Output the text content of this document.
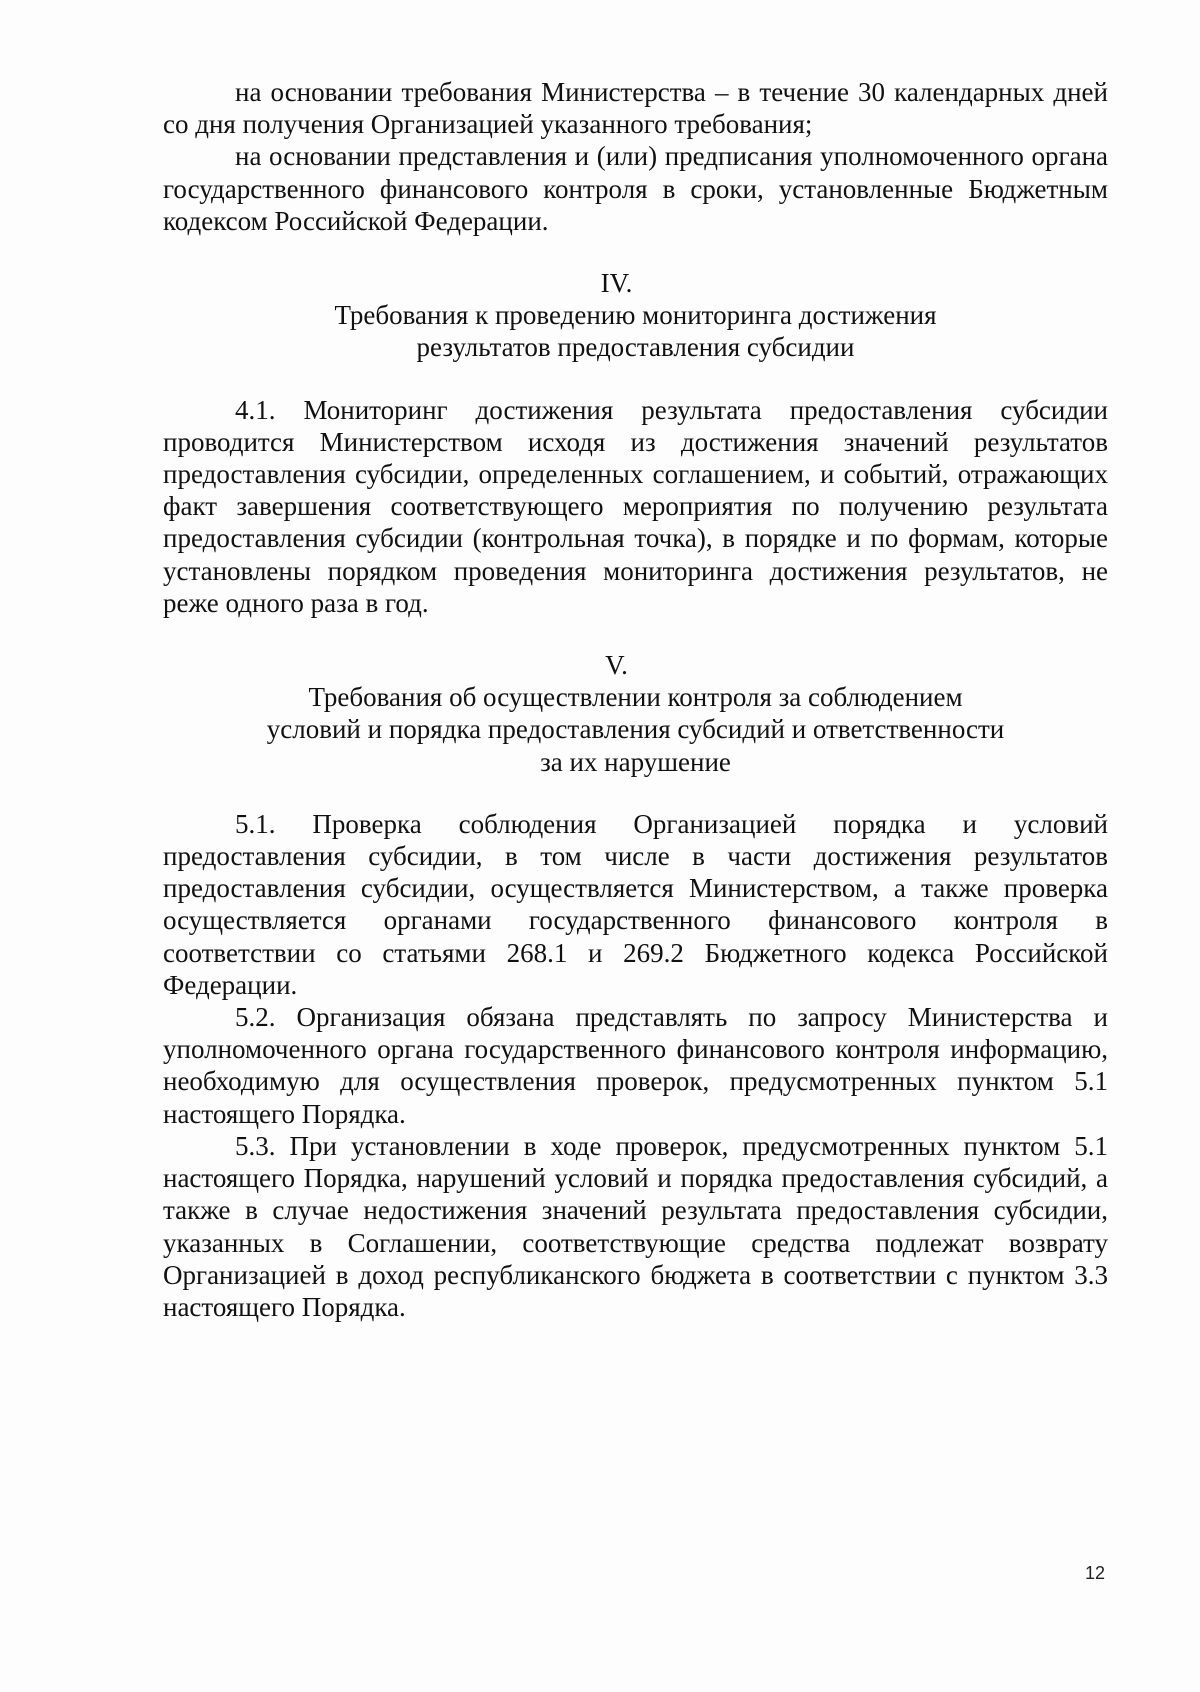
на основании требования Министерства – в течение 30 календарных дней со дня получения Организацией указанного требования;

на основании представления и (или) предписания уполномоченного органа государственного финансового контроля в сроки, установленные Бюджетным кодексом Российской Федерации.

IV.
Требования к проведению мониторинга достижения
результатов предоставления субсидии

4.1. Мониторинг достижения результата предоставления субсидии проводится Министерством исходя из достижения значений результатов предоставления субсидии, определенных соглашением, и событий, отражающих факт завершения соответствующего мероприятия по получению результата предоставления субсидии (контрольная точка), в порядке и по формам, которые установлены порядком проведения мониторинга достижения результатов, не реже одного раза в год.

V.
Требования об осуществлении контроля за соблюдением
условий и порядка предоставления субсидий и ответственности
за их нарушение

5.1. Проверка соблюдения Организацией порядка и условий предоставления субсидии, в том числе в части достижения результатов предоставления субсидии, осуществляется Министерством, а также проверка осуществляется органами государственного финансового контроля в соответствии со статьями 268.1 и 269.2 Бюджетного кодекса Российской Федерации.

5.2. Организация обязана представлять по запросу Министерства и уполномоченного органа государственного финансового контроля информацию, необходимую для осуществления проверок, предусмотренных пунктом 5.1 настоящего Порядка.

5.3. При установлении в ходе проверок, предусмотренных пунктом 5.1 настоящего Порядка, нарушений условий и порядка предоставления субсидий, а также в случае недостижения значений результата предоставления субсидии, указанных в Соглашении, соответствующие средства подлежат возврату Организацией в доход республиканского бюджета в соответствии с пунктом 3.3 настоящего Порядка.

12
